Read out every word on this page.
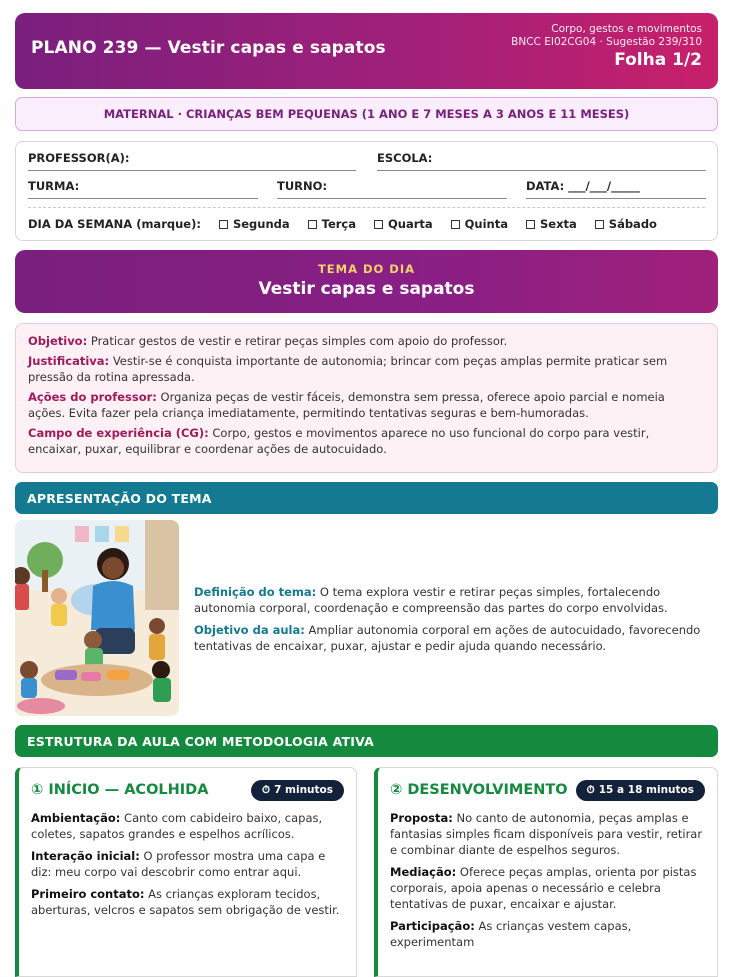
PLANO 239 — Vestir capas e sapatos
Corpo, gestos e movimentos
BNCC EI02CG04 · Sugestão 239/310
Folha 1/2
MATERNAL · CRIANÇAS BEM PEQUENAS (1 ANO E 7 MESES A 3 ANOS E 11 MESES)
PROFESSOR(A):	ESCOLA:
TURMA:	TURNO:	DATA: ___/___/_____
DIA DA SEMANA (marque):	Segunda	Terça	Quarta	Quinta	Sexta	Sábado
TEMA DO DIA
Vestir capas e sapatos

Objetivo: Praticar gestos de vestir e retirar peças simples com apoio do professor.

Justificativa: Vestir-se é conquista importante de autonomia; brincar com peças amplas permite praticar sem pressão da rotina apressada.

Ações do professor: Organiza peças de vestir fáceis, demonstra sem pressa, oferece apoio parcial e nomeia ações. Evita fazer pela criança imediatamente, permitindo tentativas seguras e bem-humoradas.

Campo de experiência (CG): Corpo, gestos e movimentos aparece no uso funcional do corpo para vestir, encaixar, puxar, equilibrar e coordenar ações de autocuidado.

APRESENTAÇÃO DO TEMA

Definição do tema: O tema explora vestir e retirar peças simples, fortalecendo autonomia corporal, coordenação e compreensão das partes do corpo envolvidas.

Objetivo da aula: Ampliar autonomia corporal em ações de autocuidado, favorecendo tentativas de encaixar, puxar, ajustar e pedir ajuda quando necessário.

ESTRUTURA DA AULA COM METODOLOGIA ATIVA
① INÍCIO — ACOLHIDA	⏱ 7 minutos

Ambientação: Canto com cabideiro baixo, capas, coletes, sapatos grandes e espelhos acrílicos.

Interação inicial: O professor mostra uma capa e diz: meu corpo vai descobrir como entrar aqui.

Primeiro contato: As crianças exploram tecidos, aberturas, velcros e sapatos sem obrigação de vestir.

② DESENVOLVIMENTO ⏱ 15 a 18 minutos

Proposta: No canto de autonomia, peças amplas e fantasias simples ficam disponíveis para vestir, retirar e combinar diante de espelhos seguros.

Mediação: Oferece peças amplas, orienta por pistas corporais, apoia apenas o necessário e celebra tentativas de puxar, encaixar e ajustar.

Participação: As crianças vestem capas, experimentam
